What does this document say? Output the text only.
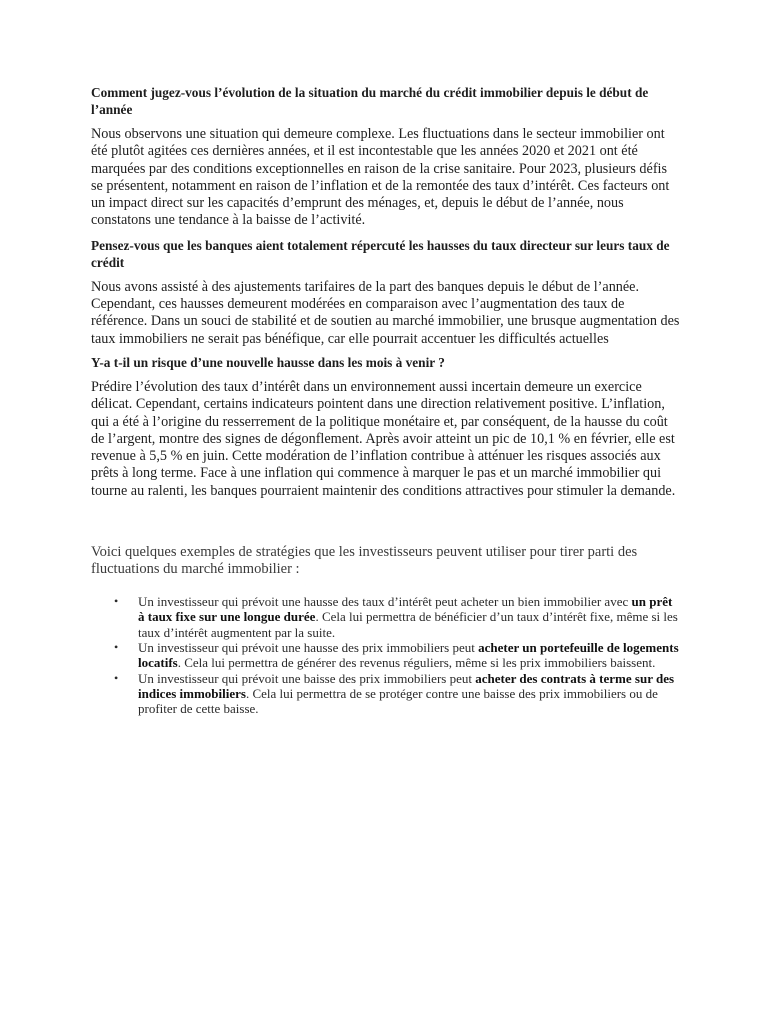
Comment jugez-vous l’évolution de la situation du marché du crédit immobilier depuis le début de l’année

Nous observons une situation qui demeure complexe. Les fluctuations dans le secteur immobilier ont été plutôt agitées ces dernières années, et il est incontestable que les années 2020 et 2021 ont été marquées par des conditions exceptionnelles en raison de la crise sanitaire. Pour 2023, plusieurs défis se présentent, notamment en raison de l’inflation et de la remontée des taux d’intérêt. Ces facteurs ont un impact direct sur les capacités d’emprunt des ménages, et, depuis le début de l’année, nous constatons une tendance à la baisse de l’activité.

Pensez-vous que les banques aient totalement répercuté les hausses du taux directeur sur leurs taux de crédit

Nous avons assisté à des ajustements tarifaires de la part des banques depuis le début de l’année. Cependant, ces hausses demeurent modérées en comparaison avec l’augmentation des taux de référence. Dans un souci de stabilité et de soutien au marché immobilier, une brusque augmentation des taux immobiliers ne serait pas bénéfique, car elle pourrait accentuer les difficultés actuelles

Y-a t-il un risque d’une nouvelle hausse dans les mois à venir ?

Prédire l’évolution des taux d’intérêt dans un environnement aussi incertain demeure un exercice délicat. Cependant, certains indicateurs pointent dans une direction relativement positive. L’inflation, qui a été à l’origine du resserrement de la politique monétaire et, par conséquent, de la hausse du coût de l’argent, montre des signes de dégonflement. Après avoir atteint un pic de 10,1 % en février, elle est revenue à 5,5 % en juin. Cette modération de l’inflation contribue à atténuer les risques associés aux prêts à long terme. Face à une inflation qui commence à marquer le pas et un marché immobilier qui tourne au ralenti, les banques pourraient maintenir des conditions attractives pour stimuler la demande.

Voici quelques exemples de stratégies que les investisseurs peuvent utiliser pour tirer parti des fluctuations du marché immobilier :

• Un investisseur qui prévoit une hausse des taux d’intérêt peut acheter un bien immobilier avec un prêt à taux fixe sur une longue durée. Cela lui permettra de bénéficier d’un taux d’intérêt fixe, même si les taux d’intérêt augmentent par la suite.
• Un investisseur qui prévoit une hausse des prix immobiliers peut acheter un portefeuille de logements locatifs. Cela lui permettra de générer des revenus réguliers, même si les prix immobiliers baissent.
• Un investisseur qui prévoit une baisse des prix immobiliers peut acheter des contrats à terme sur des indices immobiliers. Cela lui permettra de se protéger contre une baisse des prix immobiliers ou de profiter de cette baisse.
